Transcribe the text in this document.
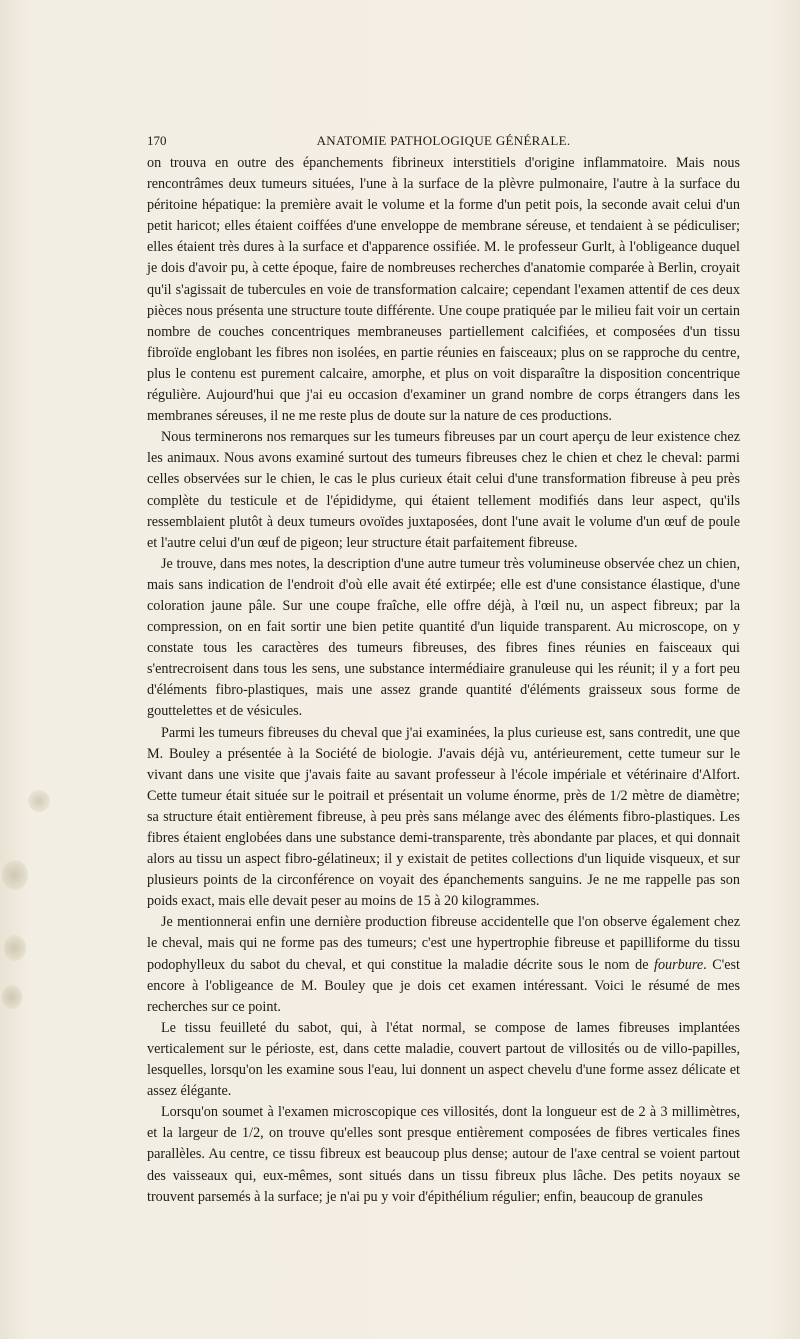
170	ANATOMIE PATHOLOGIQUE GÉNÉRALE.

on trouva en outre des épanchements fibrineux interstitiels d'origine inflammatoire. Mais nous rencontrâmes deux tumeurs situées, l'une à la surface de la plèvre pulmonaire, l'autre à la surface du péritoine hépatique: la première avait le volume et la forme d'un petit pois, la seconde avait celui d'un petit haricot; elles étaient coiffées d'une enveloppe de membrane séreuse, et tendaient à se pédiculiser; elles étaient très dures à la surface et d'apparence ossifiée. M. le professeur Gurlt, à l'obligeance duquel je dois d'avoir pu, à cette époque, faire de nombreuses recherches d'anatomie comparée à Berlin, croyait qu'il s'agissait de tubercules en voie de transformation calcaire; cependant l'examen attentif de ces deux pièces nous présenta une structure toute différente. Une coupe pratiquée par le milieu fait voir un certain nombre de couches concentriques membraneuses partiellement calcifiées, et composées d'un tissu fibroïde englobant les fibres non isolées, en partie réunies en faisceaux; plus on se rapproche du centre, plus le contenu est purement calcaire, amorphe, et plus on voit disparaître la disposition concentrique régulière. Aujourd'hui que j'ai eu occasion d'examiner un grand nombre de corps étrangers dans les membranes séreuses, il ne me reste plus de doute sur la nature de ces productions.

Nous terminerons nos remarques sur les tumeurs fibreuses par un court aperçu de leur existence chez les animaux. Nous avons examiné surtout des tumeurs fibreuses chez le chien et chez le cheval: parmi celles observées sur le chien, le cas le plus curieux était celui d'une transformation fibreuse à peu près complète du testicule et de l'épididyme, qui étaient tellement modifiés dans leur aspect, qu'ils ressemblaient plutôt à deux tumeurs ovoïdes juxtaposées, dont l'une avait le volume d'un œuf de poule et l'autre celui d'un œuf de pigeon; leur structure était parfaitement fibreuse.

Je trouve, dans mes notes, la description d'une autre tumeur très volumineuse observée chez un chien, mais sans indication de l'endroit d'où elle avait été extirpée; elle est d'une consistance élastique, d'une coloration jaune pâle. Sur une coupe fraîche, elle offre déjà, à l'œil nu, un aspect fibreux; par la compression, on en fait sortir une bien petite quantité d'un liquide transparent. Au microscope, on y constate tous les caractères des tumeurs fibreuses, des fibres fines réunies en faisceaux qui s'entrecroisent dans tous les sens, une substance intermédiaire granuleuse qui les réunit; il y a fort peu d'éléments fibro-plastiques, mais une assez grande quantité d'éléments graisseux sous forme de gouttelettes et de vésicules.

Parmi les tumeurs fibreuses du cheval que j'ai examinées, la plus curieuse est, sans contredit, une que M. Bouley a présentée à la Société de biologie. J'avais déjà vu, antérieurement, cette tumeur sur le vivant dans une visite que j'avais faite au savant professeur à l'école impériale et vétérinaire d'Alfort. Cette tumeur était située sur le poitrail et présentait un volume énorme, près de 1/2 mètre de diamètre; sa structure était entièrement fibreuse, à peu près sans mélange avec des éléments fibro-plastiques. Les fibres étaient englobées dans une substance demi-transparente, très abondante par places, et qui donnait alors au tissu un aspect fibro-gélatineux; il y existait de petites collections d'un liquide visqueux, et sur plusieurs points de la circonférence on voyait des épanchements sanguins. Je ne me rappelle pas son poids exact, mais elle devait peser au moins de 15 à 20 kilogrammes.

Je mentionnerai enfin une dernière production fibreuse accidentelle que l'on observe également chez le cheval, mais qui ne forme pas des tumeurs; c'est une hypertrophie fibreuse et papilliforme du tissu podophylleux du sabot du cheval, et qui constitue la maladie décrite sous le nom de fourbure. C'est encore à l'obligeance de M. Bouley que je dois cet examen intéressant. Voici le résumé de mes recherches sur ce point.

Le tissu feuilleté du sabot, qui, à l'état normal, se compose de lames fibreuses implantées verticalement sur le périoste, est, dans cette maladie, couvert partout de villosités ou de villo-papilles, lesquelles, lorsqu'on les examine sous l'eau, lui donnent un aspect chevelu d'une forme assez délicate et assez élégante.

Lorsqu'on soumet à l'examen microscopique ces villosités, dont la longueur est de 2 à 3 millimètres, et la largeur de 1/2, on trouve qu'elles sont presque entièrement composées de fibres verticales fines parallèles. Au centre, ce tissu fibreux est beaucoup plus dense; autour de l'axe central se voient partout des vaisseaux qui, eux-mêmes, sont situés dans un tissu fibreux plus lâche. Des petits noyaux se trouvent parsemés à la surface; je n'ai pu y voir d'épithélium régulier; enfin, beaucoup de granules
